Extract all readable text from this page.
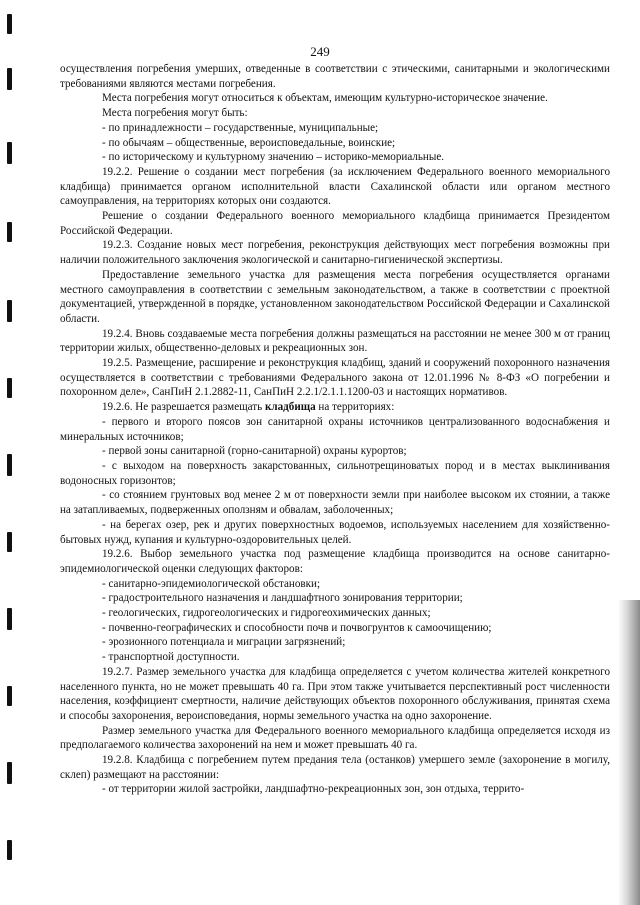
249

осуществления погребения умерших, отведенные в соответствии с этическими, санитарными и экологическими требованиями являются местами погребения.

Места погребения могут относиться к объектам, имеющим культурно-историческое значение.

Места погребения могут быть:

- по принадлежности – государственные, муниципальные;

- по обычаям – общественные, вероисповедальные, воинские;

- по историческому и культурному значению – историко-мемориальные.

19.2.2. Решение о создании мест погребения (за исключением Федерального военного мемориального кладбища) принимается органом исполнительной власти Сахалинской области или органом местного самоуправления, на территориях которых они создаются.

Решение о создании Федерального военного мемориального кладбища принимается Президентом Российской Федерации.

19.2.3. Создание новых мест погребения, реконструкция действующих мест погребения возможны при наличии положительного заключения экологической и санитарно-гигиенической экспертизы.

Предоставление земельного участка для размещения места погребения осуществляется органами местного самоуправления в соответствии с земельным законодательством, а также в соответствии с проектной документацией, утвержденной в порядке, установленном законодательством Российской Федерации и Сахалинской области.

19.2.4. Вновь создаваемые места погребения должны размещаться на расстоянии не менее 300 м от границ территории жилых, общественно-деловых и рекреационных зон.

19.2.5. Размещение, расширение и реконструкция кладбищ, зданий и сооружений похоронного назначения осуществляется в соответствии с требованиями Федерального закона от 12.01.1996 № 8-ФЗ «О погребении и похоронном деле», СанПиН 2.1.2882-11, СанПиН 2.2.1/2.1.1.1200-03 и настоящих нормативов.

19.2.6. Не разрешается размещать кладбища на территориях:

- первого и второго поясов зон санитарной охраны источников централизованного водоснабжения и минеральных источников;

- первой зоны санитарной (горно-санитарной) охраны курортов;

- с выходом на поверхность закарстованных, сильнотрещиноватых пород и в местах выклинивания водоносных горизонтов;

- со стоянием грунтовых вод менее 2 м от поверхности земли при наиболее высоком их стоянии, а также на затапливаемых, подверженных оползням и обвалам, заболоченных;

- на берегах озер, рек и других поверхностных водоемов, используемых населением для хозяйственно-бытовых нужд, купания и культурно-оздоровительных целей.

19.2.6. Выбор земельного участка под размещение кладбища производится на основе санитарно-эпидемиологической оценки следующих факторов:

- санитарно-эпидемиологической обстановки;

- градостроительного назначения и ландшафтного зонирования территории;

- геологических, гидрогеологических и гидрогеохимических данных;

- почвенно-географических и способности почв и почвогрунтов к самоочищению;

- эрозионного потенциала и миграции загрязнений;

- транспортной доступности.

19.2.7. Размер земельного участка для кладбища определяется с учетом количества жителей конкретного населенного пункта, но не может превышать 40 га. При этом также учитывается перспективный рост численности населения, коэффициент смертности, наличие действующих объектов похоронного обслуживания, принятая схема и способы захоронения, вероисповедания, нормы земельного участка на одно захоронение.

Размер земельного участка для Федерального военного мемориального кладбища определяется исходя из предполагаемого количества захоронений на нем и может превышать 40 га.

19.2.8. Кладбища с погребением путем предания тела (останков) умершего земле (захоронение в могилу, склеп) размещают на расстоянии:

- от территории жилой застройки, ландшафтно-рекреационных зон, зон отдыха, террито-
